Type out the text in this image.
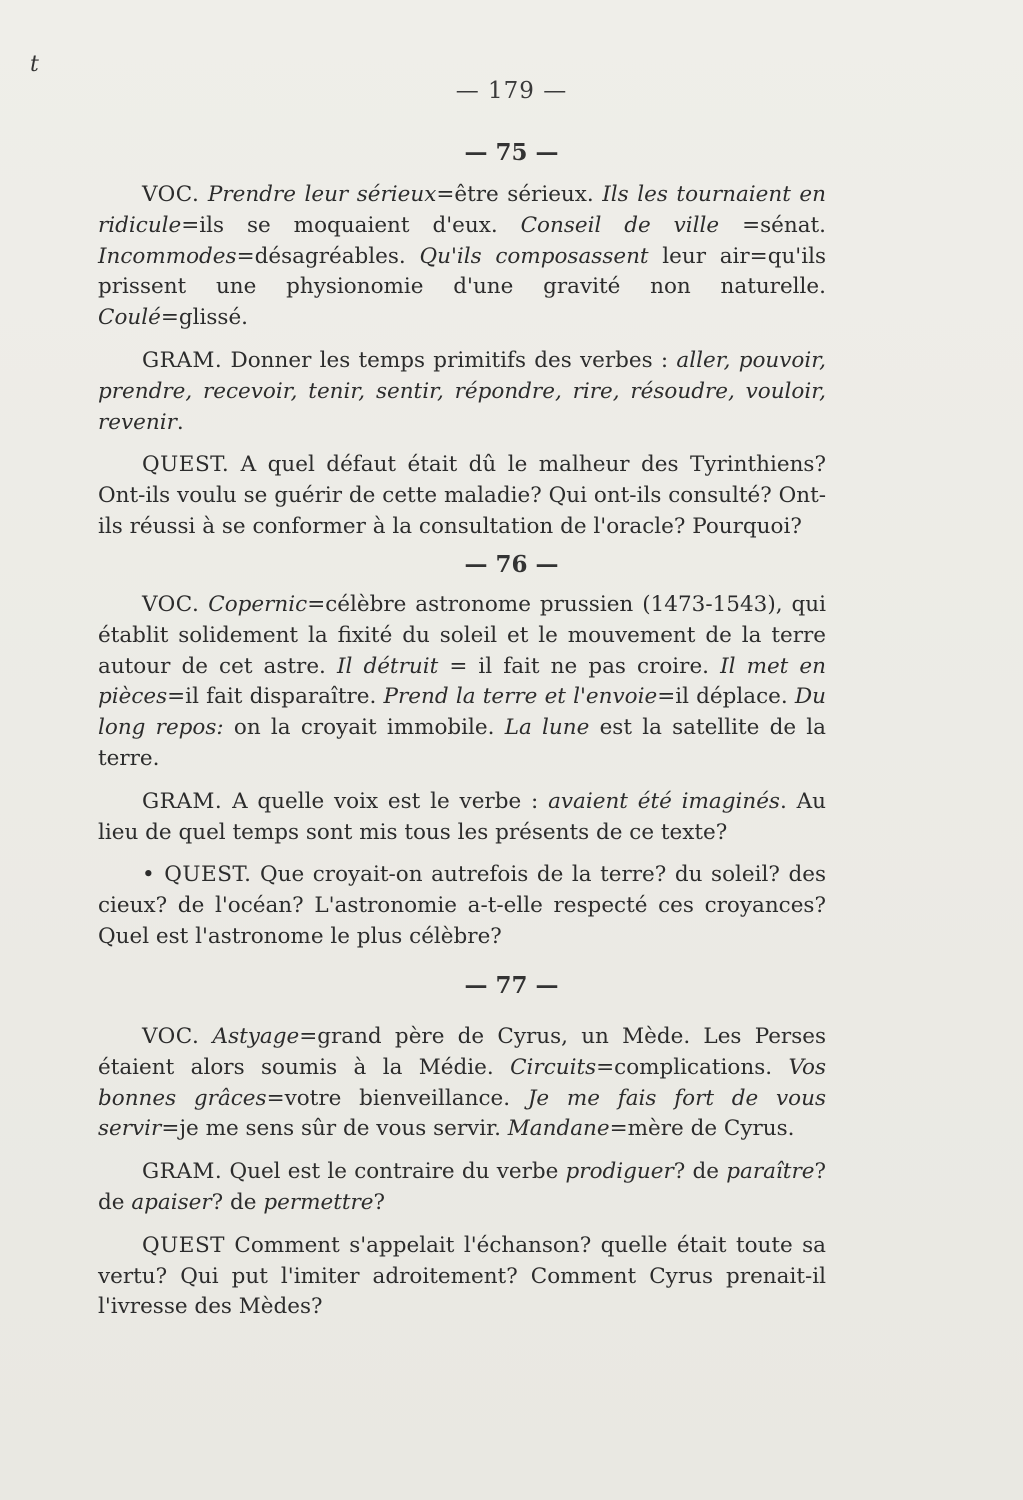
t
— 179 —
— 75 —

VOC. Prendre leur sérieux=être sérieux. Ils les tournaient en ridicule=ils se moquaient d'eux. Conseil de ville =sénat. Incommodes=désagréables. Qu'ils composassent leur air=qu'ils prissent une physionomie d'une gravité non naturelle. Coulé=glissé.

GRAM. Donner les temps primitifs des verbes : aller, pouvoir, prendre, recevoir, tenir, sentir, répondre, rire, résoudre, vouloir, revenir.

QUEST. A quel défaut était dû le malheur des Tyrinthiens? Ont-ils voulu se guérir de cette maladie? Qui ont-ils consulté? Ont-ils réussi à se conformer à la consultation de l'oracle? Pourquoi?

— 76 —

VOC. Copernic=célèbre astronome prussien (1473-1543), qui établit solidement la fixité du soleil et le mouvement de la terre autour de cet astre. Il détruit = il fait ne pas croire. Il met en pièces=il fait disparaître. Prend la terre et l'envoie=il déplace. Du long repos: on la croyait immobile. La lune est la satellite de la terre.

GRAM. A quelle voix est le verbe : avaient été imaginés. Au lieu de quel temps sont mis tous les présents de ce texte?

• QUEST. Que croyait-on autrefois de la terre? du soleil? des cieux? de l'océan? L'astronomie a-t-elle respecté ces croyances? Quel est l'astronome le plus célèbre?

— 77 —

VOC. Astyage=grand père de Cyrus, un Mède. Les Perses étaient alors soumis à la Médie. Circuits=complications. Vos bonnes grâces=votre bienveillance. Je me fais fort de vous servir=je me sens sûr de vous servir. Mandane=mère de Cyrus.

GRAM. Quel est le contraire du verbe prodiguer? de paraître? de apaiser? de permettre?

QUEST Comment s'appelait l'échanson? quelle était toute sa vertu? Qui put l'imiter adroitement? Comment Cyrus prenait-il l'ivresse des Mèdes?
